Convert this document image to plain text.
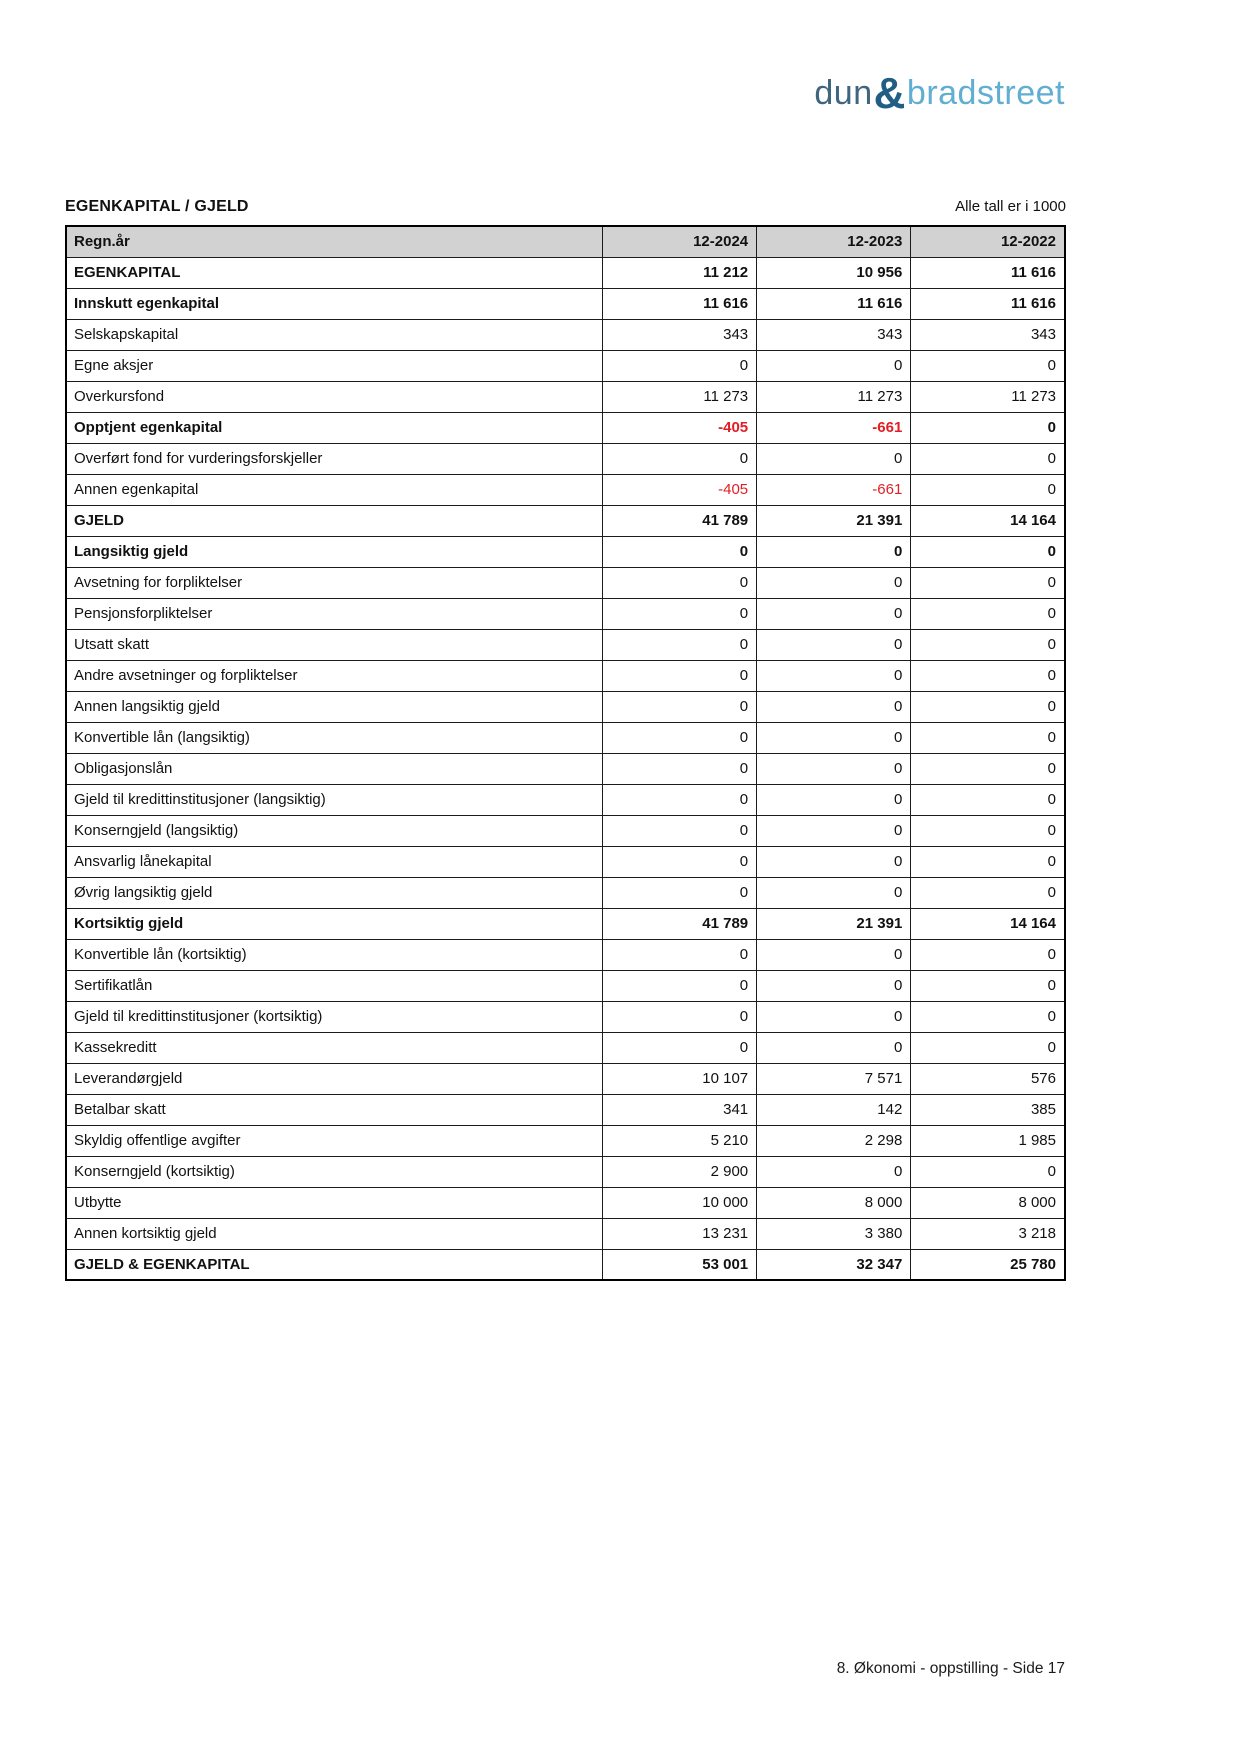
dun&bradstreet
EGENKAPITAL / GJELD	Alle tall er i 1000
Regn.år	12-2024	12-2023	12-2022
EGENKAPITAL	11 212	10 956	11 616
Innskutt egenkapital	11 616	11 616	11 616
Selskapskapital	343	343	343
Egne aksjer	0	0	0
Overkursfond	11 273	11 273	11 273
Opptjent egenkapital	-405	-661	0
Overført fond for vurderingsforskjeller	0	0	0
Annen egenkapital	-405	-661	0
GJELD	41 789	21 391	14 164
Langsiktig gjeld	0	0	0
Avsetning for forpliktelser	0	0	0
Pensjonsforpliktelser	0	0	0
Utsatt skatt	0	0	0
Andre avsetninger og forpliktelser	0	0	0
Annen langsiktig gjeld	0	0	0
Konvertible lån (langsiktig)	0	0	0
Obligasjonslån	0	0	0
Gjeld til kredittinstitusjoner (langsiktig)	0	0	0
Konserngjeld (langsiktig)	0	0	0
Ansvarlig lånekapital	0	0	0
Øvrig langsiktig gjeld	0	0	0
Kortsiktig gjeld	41 789	21 391	14 164
Konvertible lån (kortsiktig)	0	0	0
Sertifikatlån	0	0	0
Gjeld til kredittinstitusjoner (kortsiktig)	0	0	0
Kassekreditt	0	0	0
Leverandørgjeld	10 107	7 571	576
Betalbar skatt	341	142	385
Skyldig offentlige avgifter	5 210	2 298	1 985
Konserngjeld (kortsiktig)	2 900	0	0
Utbytte	10 000	8 000	8 000
Annen kortsiktig gjeld	13 231	3 380	3 218
GJELD & EGENKAPITAL	53 001	32 347	25 780
8. Økonomi - oppstilling - Side 17
